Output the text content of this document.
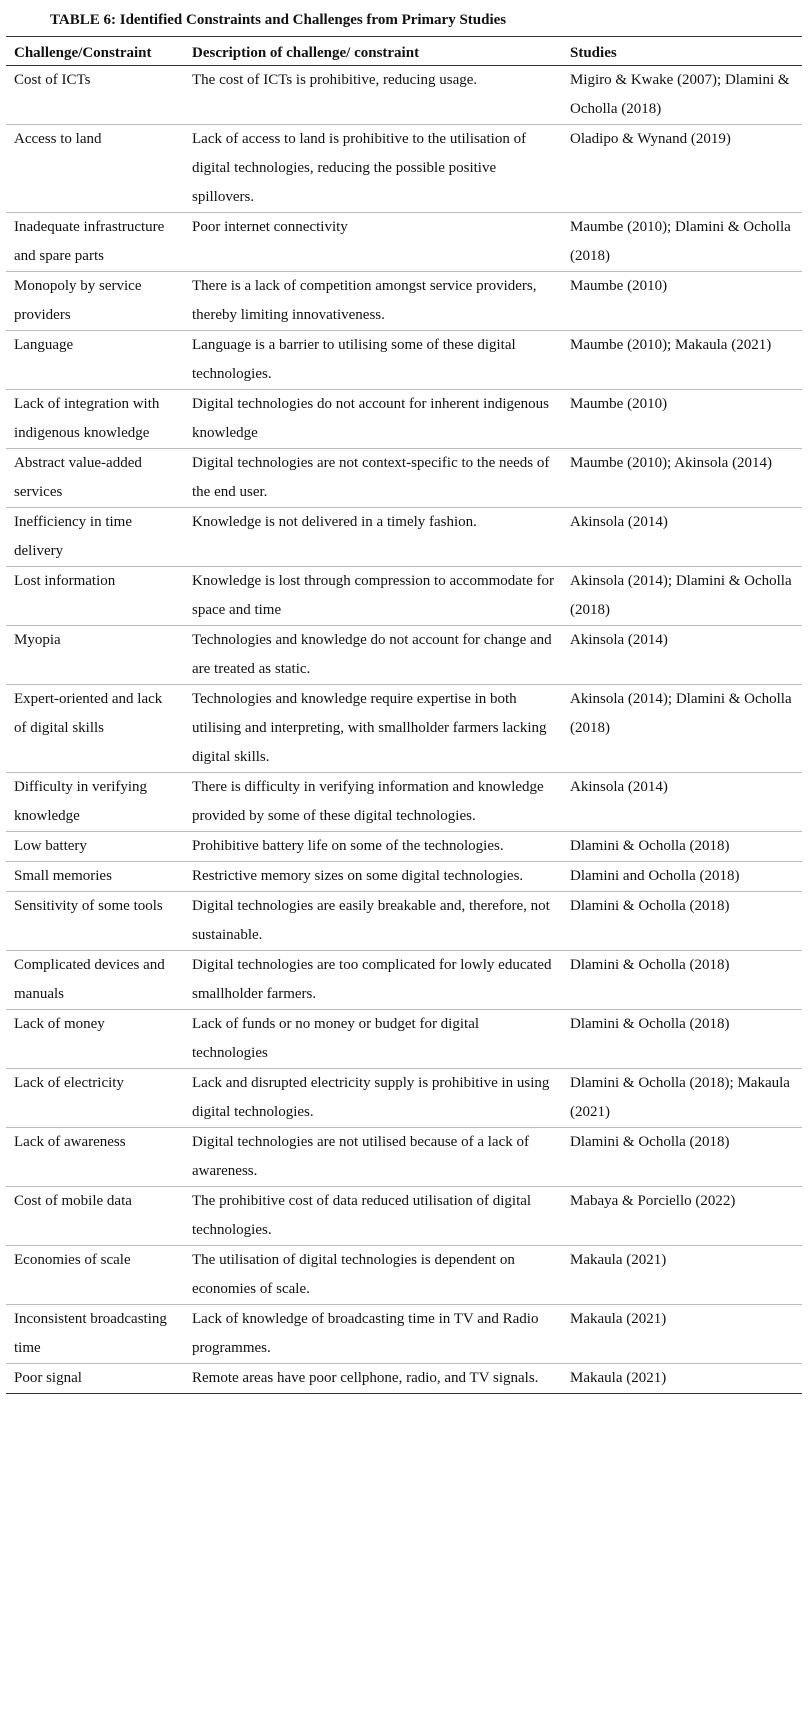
TABLE 6: Identified Constraints and Challenges from Primary Studies
Challenge/Constraint	Description of challenge/ constraint	Studies
Cost of ICTs	The cost of ICTs is prohibitive, reducing usage.	Migiro & Kwake (2007); Dlamini & Ocholla (2018)
Access to land	Lack of access to land is prohibitive to the utilisation of digital technologies, reducing the possible positive spillovers.	Oladipo & Wynand (2019)
Inadequate infrastructure and spare parts	Poor internet connectivity	Maumbe (2010); Dlamini & Ocholla (2018)
Monopoly by service providers	There is a lack of competition amongst service providers, thereby limiting innovativeness.	Maumbe (2010)
Language	Language is a barrier to utilising some of these digital technologies.	Maumbe (2010); Makaula (2021)
Lack of integration with indigenous knowledge	Digital technologies do not account for inherent indigenous knowledge	Maumbe (2010)
Abstract value-added services	Digital technologies are not context-specific to the needs of the end user.	Maumbe (2010); Akinsola (2014)
Inefficiency in time delivery	Knowledge is not delivered in a timely fashion.	Akinsola (2014)
Lost information	Knowledge is lost through compression to accommodate for space and time	Akinsola (2014); Dlamini & Ocholla (2018)
Myopia	Technologies and knowledge do not account for change and are treated as static.	Akinsola (2014)
Expert-oriented and lack of digital skills	Technologies and knowledge require expertise in both utilising and interpreting, with smallholder farmers lacking digital skills.	Akinsola (2014); Dlamini & Ocholla (2018)
Difficulty in verifying knowledge	There is difficulty in verifying information and knowledge provided by some of these digital technologies.	Akinsola (2014)
Low battery	Prohibitive battery life on some of the technologies.	Dlamini & Ocholla (2018)
Small memories	Restrictive memory sizes on some digital technologies.	Dlamini and Ocholla (2018)
Sensitivity of some tools	Digital technologies are easily breakable and, therefore, not sustainable.	Dlamini & Ocholla (2018)
Complicated devices and manuals	Digital technologies are too complicated for lowly educated smallholder farmers.	Dlamini & Ocholla (2018)
Lack of money	Lack of funds or no money or budget for digital technologies	Dlamini & Ocholla (2018)
Lack of electricity	Lack and disrupted electricity supply is prohibitive in using digital technologies.	Dlamini & Ocholla (2018); Makaula (2021)
Lack of awareness	Digital technologies are not utilised because of a lack of awareness.	Dlamini & Ocholla (2018)
Cost of mobile data	The prohibitive cost of data reduced utilisation of digital technologies.	Mabaya & Porciello (2022)
Economies of scale	The utilisation of digital technologies is dependent on economies of scale.	Makaula (2021)
Inconsistent broadcasting time	Lack of knowledge of broadcasting time in TV and Radio programmes.	Makaula (2021)
Poor signal	Remote areas have poor cellphone, radio, and TV signals.	Makaula (2021)
